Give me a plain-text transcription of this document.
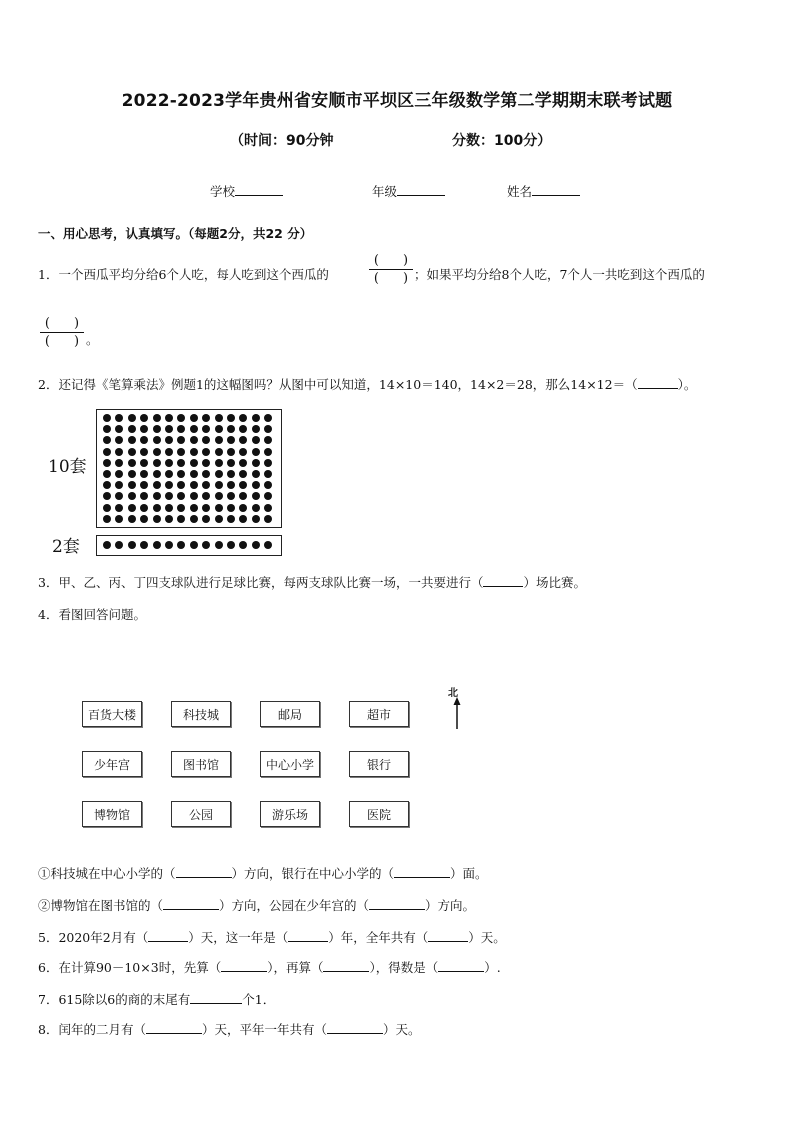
2022-2023学年贵州省安顺市平坝区三年级数学第二学期期末联考试题
（时间：90分钟	分数：100分）
学校	年级	姓名
一、用心思考，认真填写。（每题2分，共22 分）
1．一个西瓜平均分给6个人吃，每人吃到这个西瓜的
( )
( ) ；如果平均分给8个人吃，7个人一共吃到这个西瓜的
( )
( ) 。
2．还记得《笔算乘法》例题1的这幅图吗？从图中可以知道，14×10＝140，14×2＝28，那么14×12＝（	）。
10套
2套
3．甲、乙、丙、丁四支球队进行足球比赛，每两支球队比赛一场，一共要进行（	）场比赛。
4．看图回答问题。
北
百货大楼	科技城	邮局	超市
少年宫	图书馆	中心小学	银行
博物馆	公园	游乐场	医院
①科技城在中心小学的（	）方向，银行在中心小学的（	）面。
②博物馆在图书馆的（	）方向，公园在少年宫的（	）方向。
5．2020年2月有（	）天，这一年是（	）年，全年共有（	）天。
6．在计算90－10×3时，先算（	），再算（	），得数是（	）.
7．615除以6的商的末尾有	个1．
8．闰年的二月有（	）天，平年一年共有（	）天。
